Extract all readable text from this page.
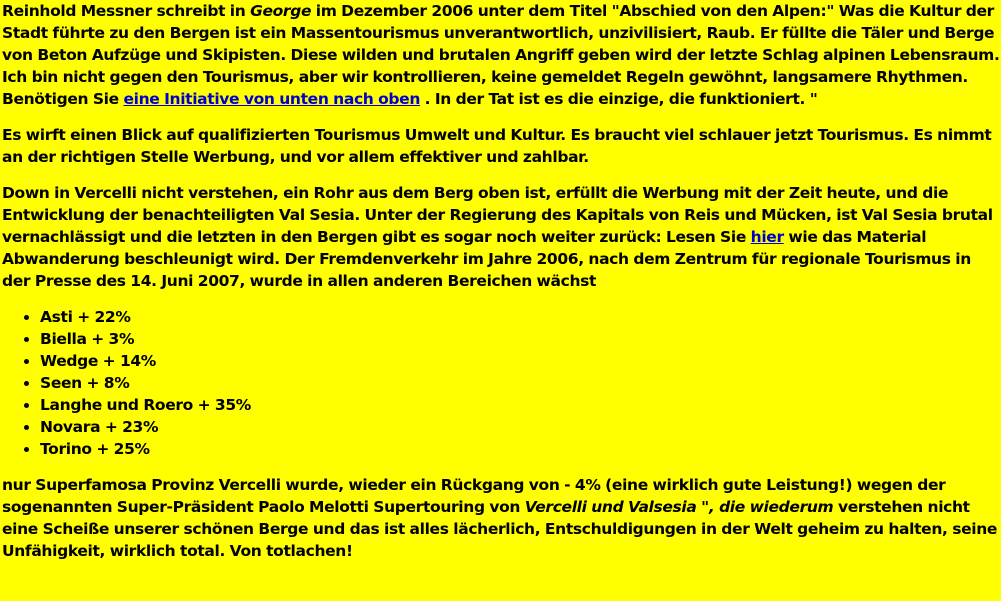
Reinhold Messner schreibt in George im Dezember 2006 unter dem Titel "Abschied von den Alpen:" Was die Kultur der Stadt führte zu den Bergen ist ein Massentourismus unverantwortlich, unzivilisiert, Raub. Er füllte die Täler und Berge von Beton Aufzüge und Skipisten. Diese wilden und brutalen Angriff geben wird der letzte Schlag alpinen Lebensraum. Ich bin nicht gegen den Tourismus, aber wir kontrollieren, keine gemeldet Regeln gewöhnt, langsamere Rhythmen. Benötigen Sie eine Initiative von unten nach oben . In der Tat ist es die einzige, die funktioniert. "

Es wirft einen Blick auf qualifizierten Tourismus Umwelt und Kultur. Es braucht viel schlauer jetzt Tourismus. Es nimmt an der richtigen Stelle Werbung, und vor allem effektiver und zahlbar.

Down in Vercelli nicht verstehen, ein Rohr aus dem Berg oben ist, erfüllt die Werbung mit der Zeit heute, und die Entwicklung der benachteiligten Val Sesia. Unter der Regierung des Kapitals von Reis und Mücken, ist Val Sesia brutal vernachlässigt und die letzten in den Bergen gibt es sogar noch weiter zurück: Lesen Sie hier wie das Material Abwanderung beschleunigt wird. Der Fremdenverkehr im Jahre 2006, nach dem Zentrum für regionale Tourismus in der Presse des 14. Juni 2007, wurde in allen anderen Bereichen wächst

• Asti + 22%
• Biella + 3%
• Wedge + 14%
• Seen + 8%
• Langhe und Roero + 35%
• Novara + 23%
• Torino + 25%

nur Superfamosa Provinz Vercelli wurde, wieder ein Rückgang von - 4% (eine wirklich gute Leistung!) wegen der sogenannten Super-Präsident Paolo Melotti Supertouring von Vercelli und Valsesia ", die wiederum verstehen nicht eine Scheiße unserer schönen Berge und das ist alles lächerlich, Entschuldigungen in der Welt geheim zu halten, seine Unfähigkeit, wirklich total. Von totlachen!
